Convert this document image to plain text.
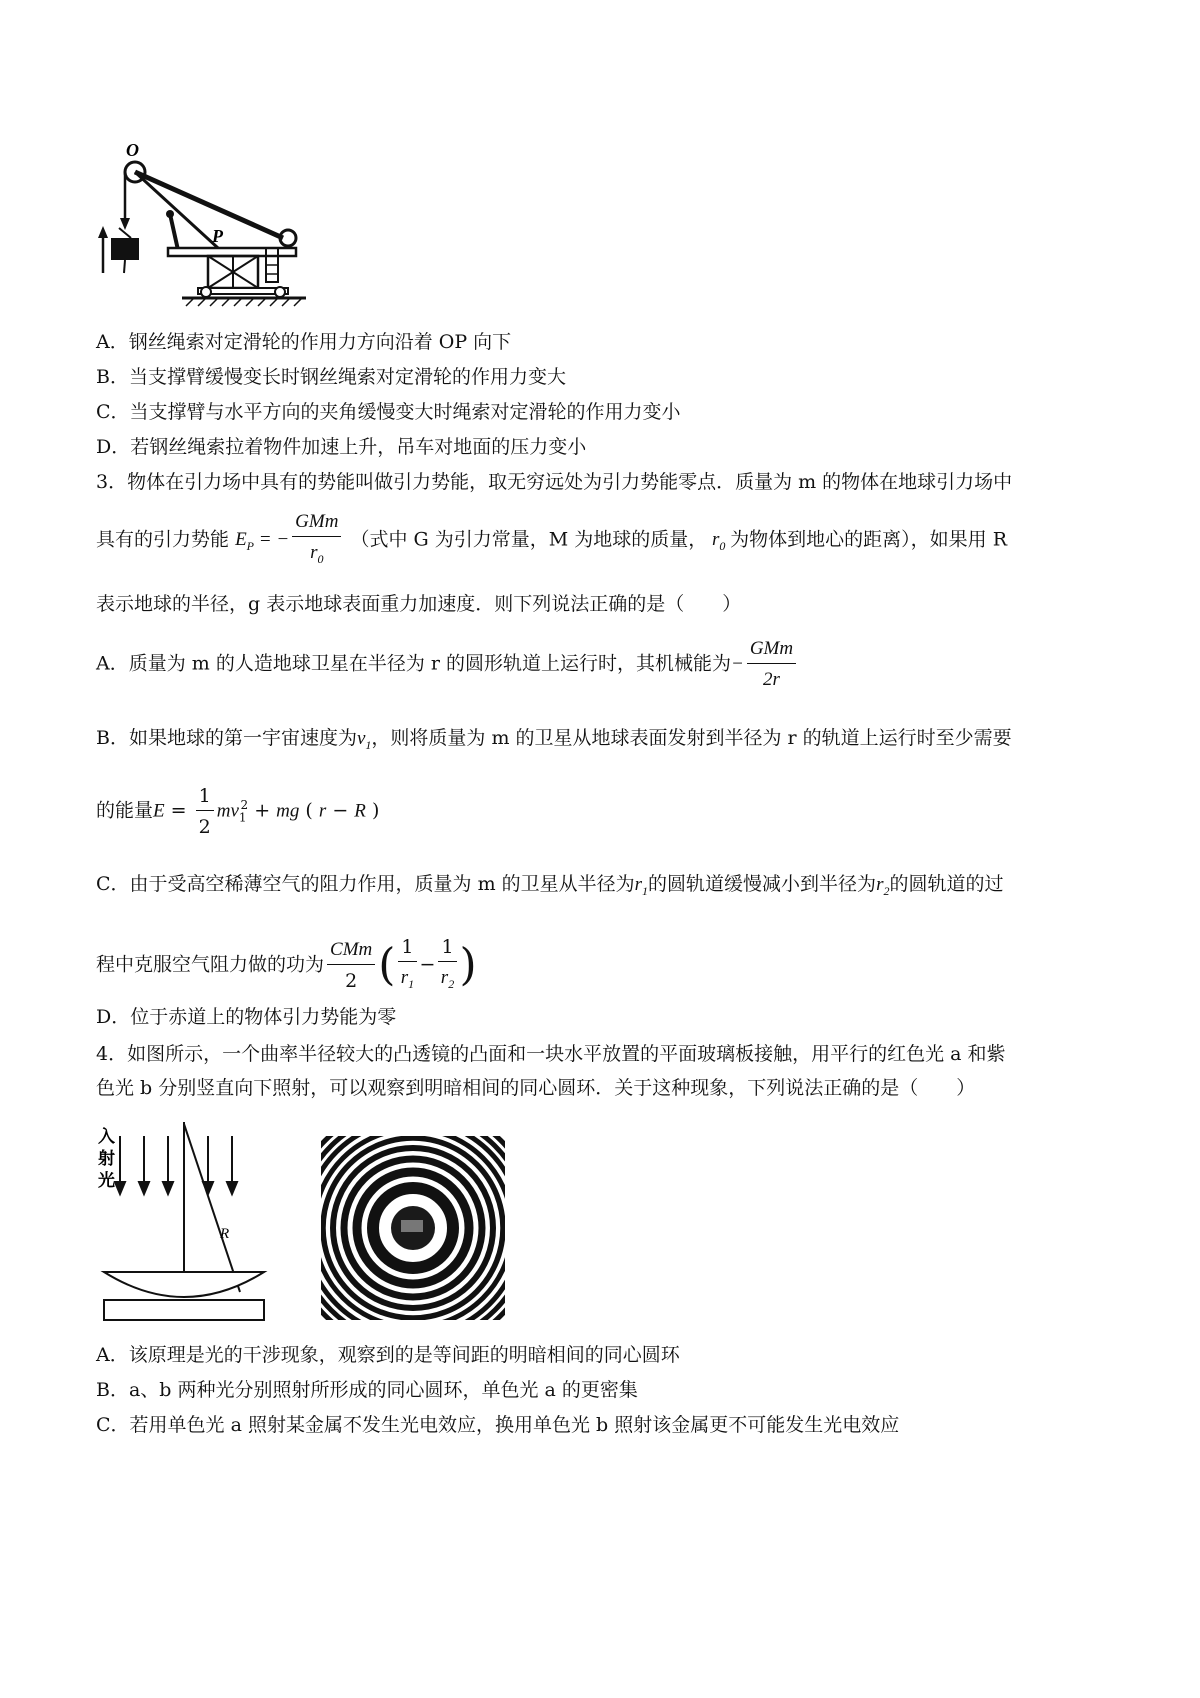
O
P
A．钢丝绳索对定滑轮的作用力方向沿着 OP 向下
B．当支撑臂缓慢变长时钢丝绳索对定滑轮的作用力变大
C．当支撑臂与水平方向的夹角缓慢变大时绳索对定滑轮的作用力变小
D．若钢丝绳索拉着物件加速上升，吊车对地面的压力变小
3．物体在引力场中具有的势能叫做引力势能，取无穷远处为引力势能零点．质量为 m 的物体在地球引力场中
具有的引力势能 $E_P$ = − $\frac{\text{GMm}}{r_0}$ （式中 G 为引力常量，M 为地球的质量， $r_0$ 为物体到地心的距离），如果用 R
表示地球的半径，g 表示地球表面重力加速度．则下列说法正确的是（　　）
A．质量为 m 的人造地球卫星在半径为 r 的圆形轨道上运行时，其机械能为− $\frac{\text{GMm}}{2r}$
B．如果地球的第一宇宙速度为$v_1$，则将质量为 m 的卫星从地球表面发射到半径为 r 的轨道上运行时至少需要
的能量$E = \frac{1}{2} mv_1^2$ + mg ( r − R )
C．由于受高空稀薄空气的阻力作用，质量为 m 的卫星从半径为$r_1$的圆轨道缓慢减小到半径为$r_2$的圆轨道的过
程中克服空气阻力做的功为 $\frac{\text{CMm}}{2}$ ( $\frac{1}{r_1} - \frac{1}{r_2}$ )
D．位于赤道上的物体引力势能为零
4．如图所示，一个曲率半径较大的凸透镜的凸面和一块水平放置的平面玻璃板接触，用平行的红色光 a 和紫
色光 b 分别竖直向下照射，可以观察到明暗相间的同心圆环．关于这种现象，下列说法正确的是（　　）
入
射
光
R
A．该原理是光的干涉现象，观察到的是等间距的明暗相间的同心圆环
B．a、b 两种光分别照射所形成的同心圆环，单色光 a 的更密集
C．若用单色光 a 照射某金属不发生光电效应，换用单色光 b 照射该金属更不可能发生光电效应
